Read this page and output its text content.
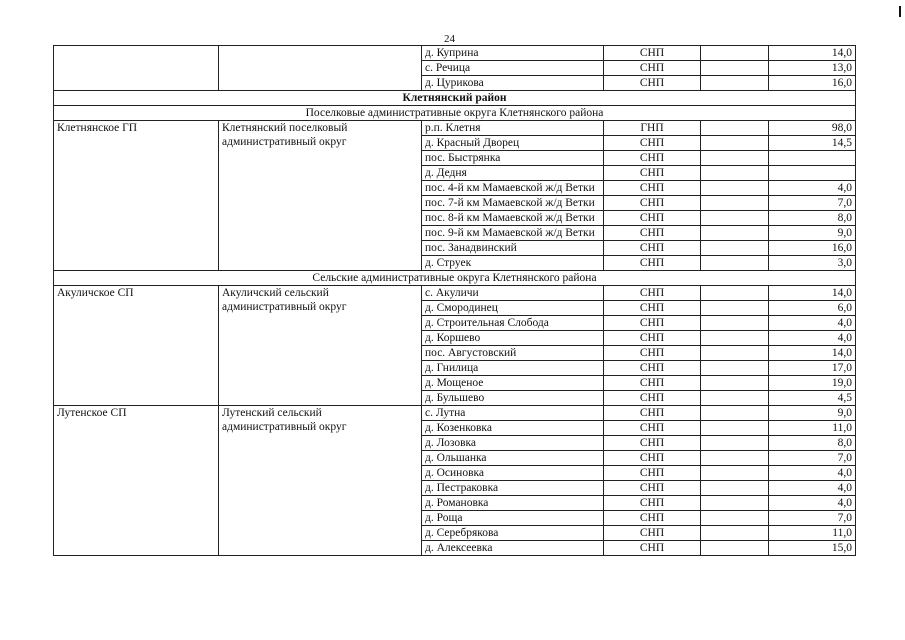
24
		д. Куприна	СНП		14,0
		с. Речица	СНП		13,0
		д. Цурикова	СНП		16,0
Клетнянский район					
Поселковые административные округа Клетнянского района					
Клетнянское ГП	Клетнянский поселковый административный округ	р.п. Клетня	ГНП		98,0
		д. Красный Дворец	СНП		14,5
		пос. Быстрянка	СНП		
		д. Дедня	СНП		
		пос. 4-й км Мамаевской ж/д Ветки	СНП		4,0
		пос. 7-й км Мамаевской ж/д Ветки	СНП		7,0
		пос. 8-й км Мамаевской ж/д Ветки	СНП		8,0
		пос. 9-й км Мамаевской ж/д Ветки	СНП		9,0
		пос. Занадвинский	СНП		16,0
		д. Струек	СНП		3,0
Сельские административные округа Клетнянского района					
Акуличское СП	Акуличский сельский административный округ	с. Акуличи	СНП		14,0
		д. Смородинец	СНП		6,0
		д. Строительная Слобода	СНП		4,0
		д. Коршево	СНП		4,0
		пос. Августовский	СНП		14,0
		д. Гнилица	СНП		17,0
		д. Мощеное	СНП		19,0
		д. Бульшево	СНП		4,5
Лутенское СП	Лутенский сельский административный округ	с. Лутна	СНП		9,0
		д. Козенковка	СНП		11,0
		д. Лозовка	СНП		8,0
		д. Ольшанка	СНП		7,0
		д. Осиновка	СНП		4,0
		д. Пестраковка	СНП		4,0
		д. Романовка	СНП		4,0
		д. Роща	СНП		7,0
		д. Серебрякова	СНП		11,0
		д. Алексеевка	СНП		15,0
